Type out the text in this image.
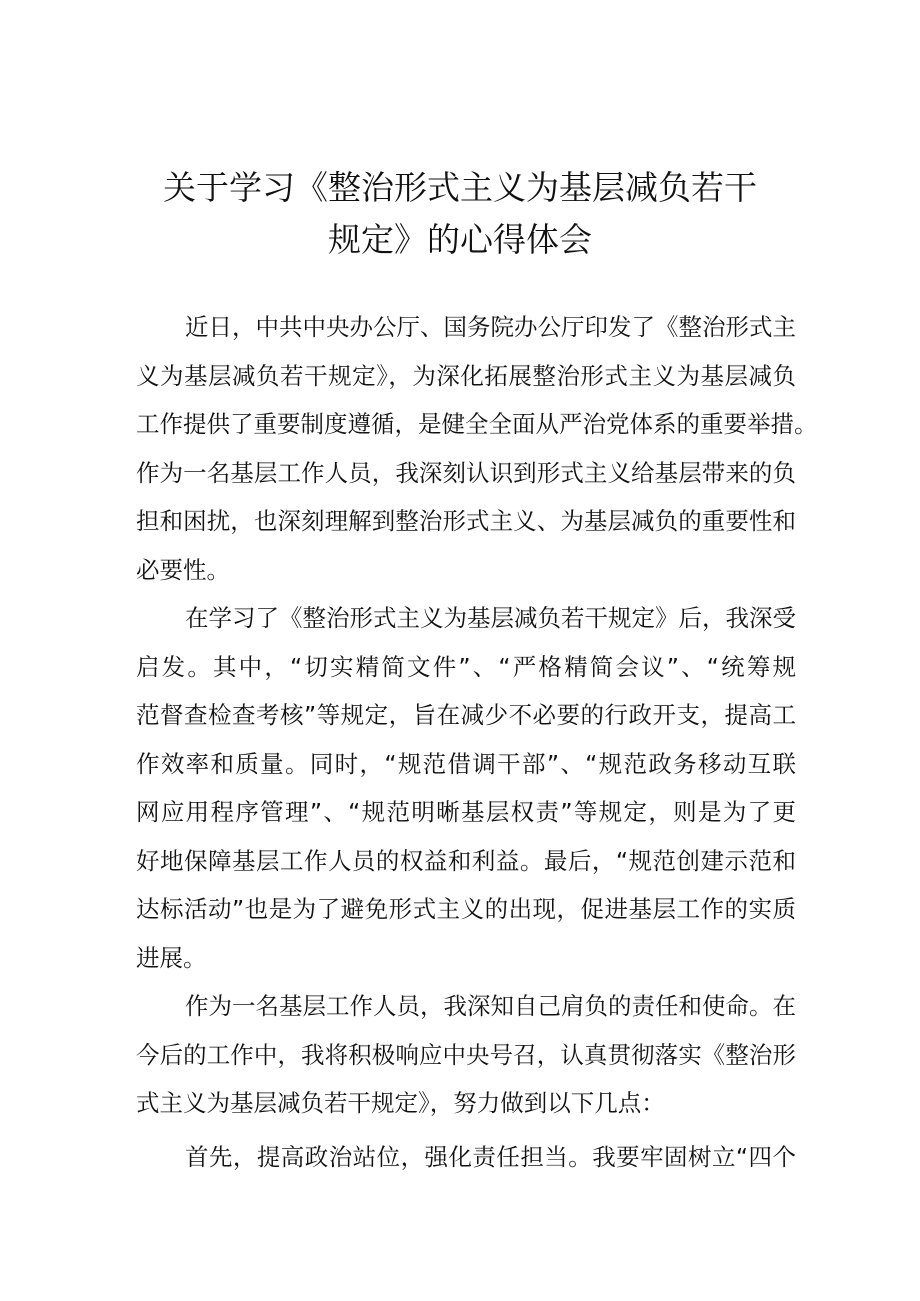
关于学习《整治形式主义为基层减负若干
规定》的心得体会

近日，中共中央办公厅、国务院办公厅印发了《整治形式主
义为基层减负若干规定》，为深化拓展整治形式主义为基层减负
工作提供了重要制度遵循，是健全全面从严治党体系的重要举措。
作为一名基层工作人员，我深刻认识到形式主义给基层带来的负
担和困扰，也深刻理解到整治形式主义、为基层减负的重要性和
必要性。

在学习了《整治形式主义为基层减负若干规定》后，我深受
启发。其中，“切实精简文件”、“严格精简会议”、“统筹规
范督查检查考核”等规定，旨在减少不必要的行政开支，提高工
作效率和质量。同时，“规范借调干部”、“规范政务移动互联
网应用程序管理”、“规范明晰基层权责”等规定，则是为了更
好地保障基层工作人员的权益和利益。最后，“规范创建示范和
达标活动”也是为了避免形式主义的出现，促进基层工作的实质
进展。

作为一名基层工作人员，我深知自己肩负的责任和使命。在
今后的工作中，我将积极响应中央号召，认真贯彻落实《整治形
式主义为基层减负若干规定》，努力做到以下几点：

首先，提高政治站位，强化责任担当。我要牢固树立“四个
